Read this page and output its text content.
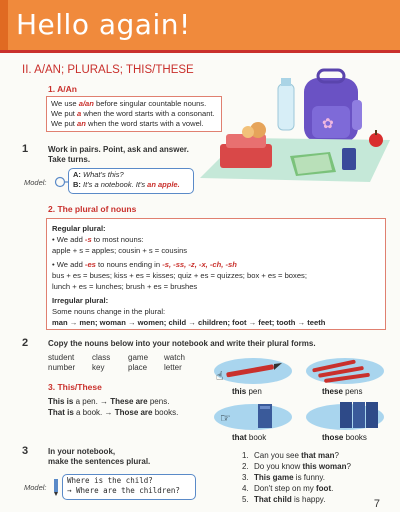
Hello again!
II. A/AN; PLURALS; THIS/THESE
1. A/An
We use a/an before singular countable nouns.
We put a when the word starts with a consonant.
We put an when the word starts with a vowel.	✿
1 Work in pairs. Point, ask and answer.
Take turns.
Model:
A: What's this?
B: It's a notebook. It's an apple.
2. The plural of nouns
Regular plural:
• We add -s to most nouns:
apple + s = apples; cousin + s = cousins
• We add -es to nouns ending in -s, -ss, -z, -x, -ch, -sh
bus + es = buses; kiss + es = kisses; quiz + es = quizzes; box + es = boxes;
lunch + es = lunches; brush + es = brushes
Irregular plural:
Some nouns change in the plural:
man → men; woman → women; child → children; foot → feet; tooth → teeth
2 Copy the nouns below into your notebook and write their plural forms.
student class game watch
number key	place letter
3. This/These
This is a pen. → These are pens.
That is a book. → Those are books.
☝
this pen	these pens
☞
that book	those books
3 In your notebook,
make the sentences plural.
Model:
Where is the child?
→ Where are the children?
1. Can you see that man?
2. Do you know this woman?
3. This game is funny.
4. Don't step on my foot.
5. That child is happy.	7
